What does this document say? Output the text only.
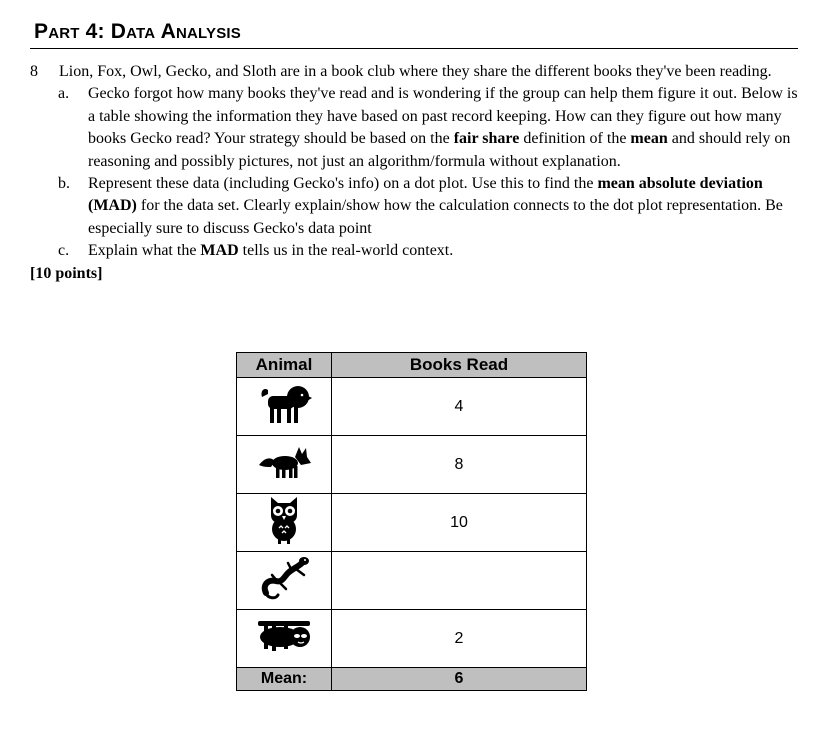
Part 4: Data Analysis
8 Lion, Fox, Owl, Gecko, and Sloth are in a book club where they share the different books they've been reading.
a. Gecko forgot how many books they've read and is wondering if the group can help them figure it out. Below is a table showing the information they have based on past record keeping. How can they figure out how many books Gecko read? Your strategy should be based on the fair share definition of the mean and should rely on reasoning and possibly pictures, not just an algorithm/formula without explanation.
b. Represent these data (including Gecko's info) on a dot plot. Use this to find the mean absolute deviation (MAD) for the data set. Clearly explain/show how the calculation connects to the dot plot representation. Be especially sure to discuss Gecko's data point
c. Explain what the MAD tells us in the real-world context.
[10 points]
Animal	Books Read
	4
	8
	10

	2
Mean:	6
